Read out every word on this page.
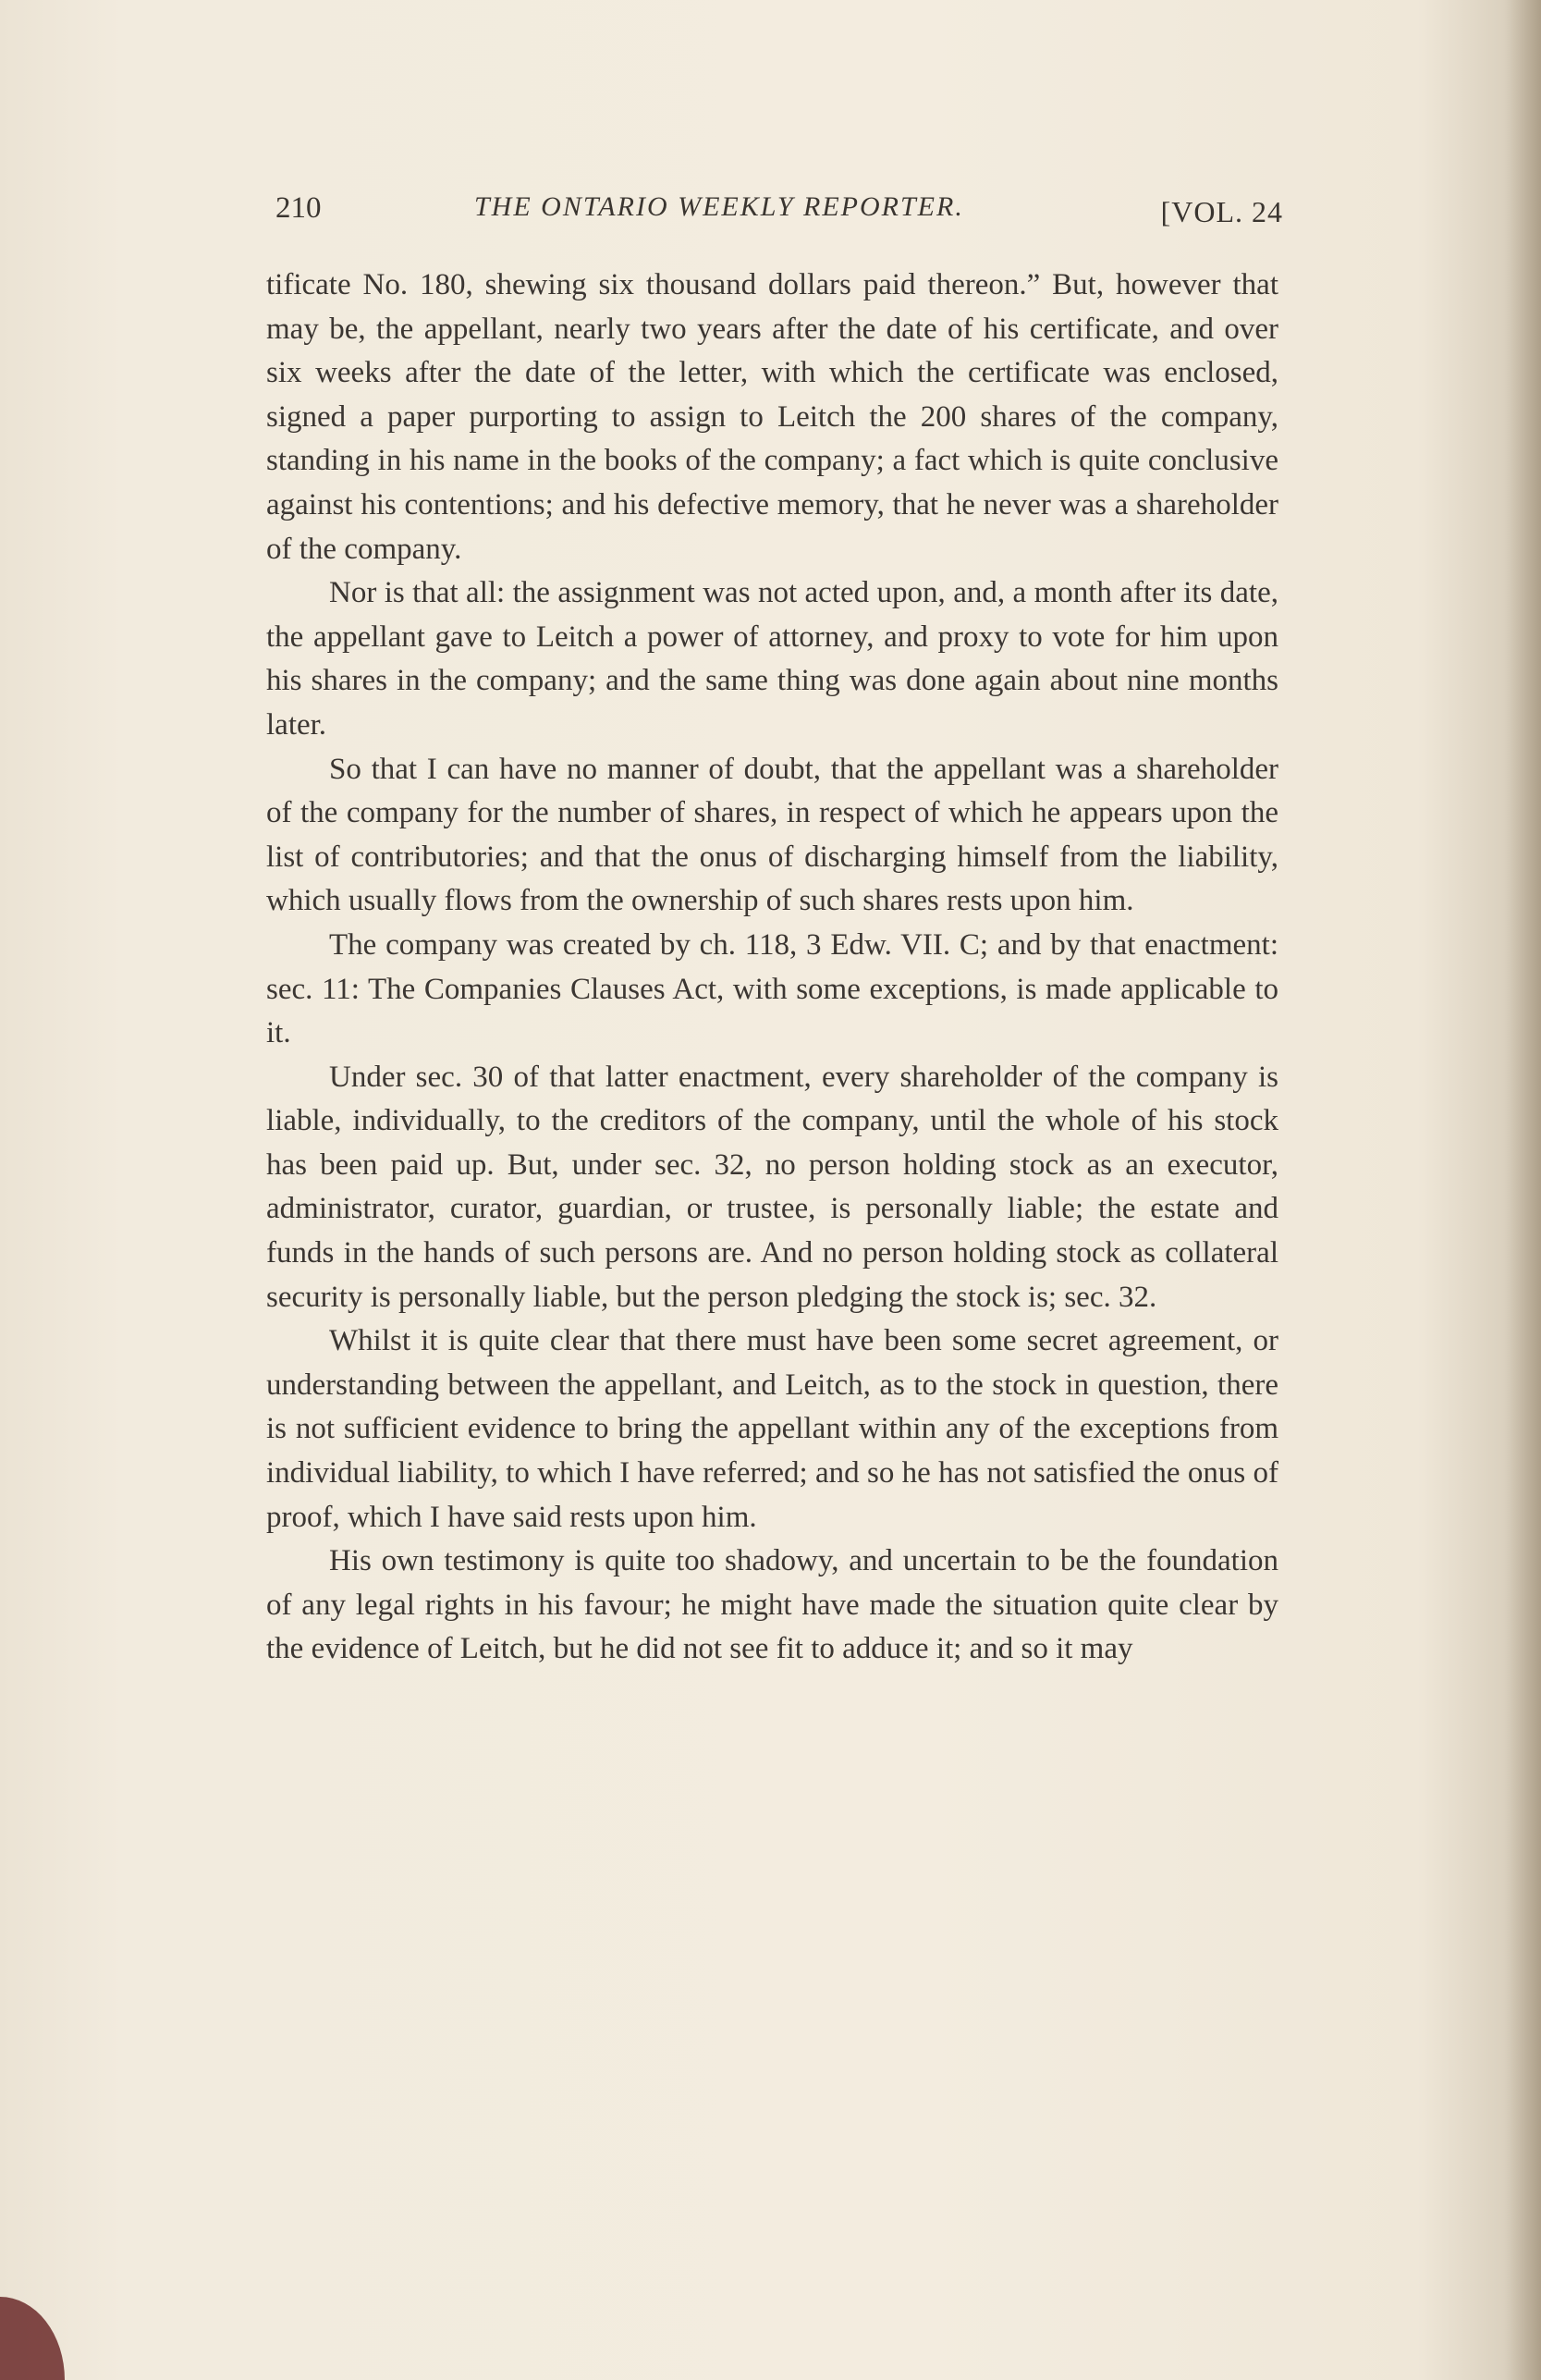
210	THE ONTARIO WEEKLY REPORTER.	[VOL. 24

tificate No. 180, shewing six thousand dollars paid thereon.” But, however that may be, the appellant, nearly two years after the date of his certificate, and over six weeks after the date of the letter, with which the certificate was enclosed, signed a paper purporting to assign to Leitch the 200 shares of the company, standing in his name in the books of the company; a fact which is quite conclusive against his contentions; and his defective memory, that he never was a shareholder of the company.

Nor is that all: the assignment was not acted upon, and, a month after its date, the appellant gave to Leitch a power of attorney, and proxy to vote for him upon his shares in the company; and the same thing was done again about nine months later.

So that I can have no manner of doubt, that the appellant was a shareholder of the company for the number of shares, in respect of which he appears upon the list of contributories; and that the onus of discharging himself from the liability, which usually flows from the ownership of such shares rests upon him.

The company was created by ch. 118, 3 Edw. VII. C; and by that enactment: sec. 11: The Companies Clauses Act, with some exceptions, is made applicable to it.

Under sec. 30 of that latter enactment, every shareholder of the company is liable, individually, to the creditors of the company, until the whole of his stock has been paid up. But, under sec. 32, no person holding stock as an executor, administrator, curator, guardian, or trustee, is personally liable; the estate and funds in the hands of such persons are. And no person holding stock as collateral security is personally liable, but the person pledging the stock is; sec. 32.

Whilst it is quite clear that there must have been some secret agreement, or understanding between the appellant, and Leitch, as to the stock in question, there is not sufficient evidence to bring the appellant within any of the exceptions from individual liability, to which I have referred; and so he has not satisfied the onus of proof, which I have said rests upon him.

His own testimony is quite too shadowy, and uncertain to be the foundation of any legal rights in his favour; he might have made the situation quite clear by the evidence of Leitch, but he did not see fit to adduce it; and so it may
